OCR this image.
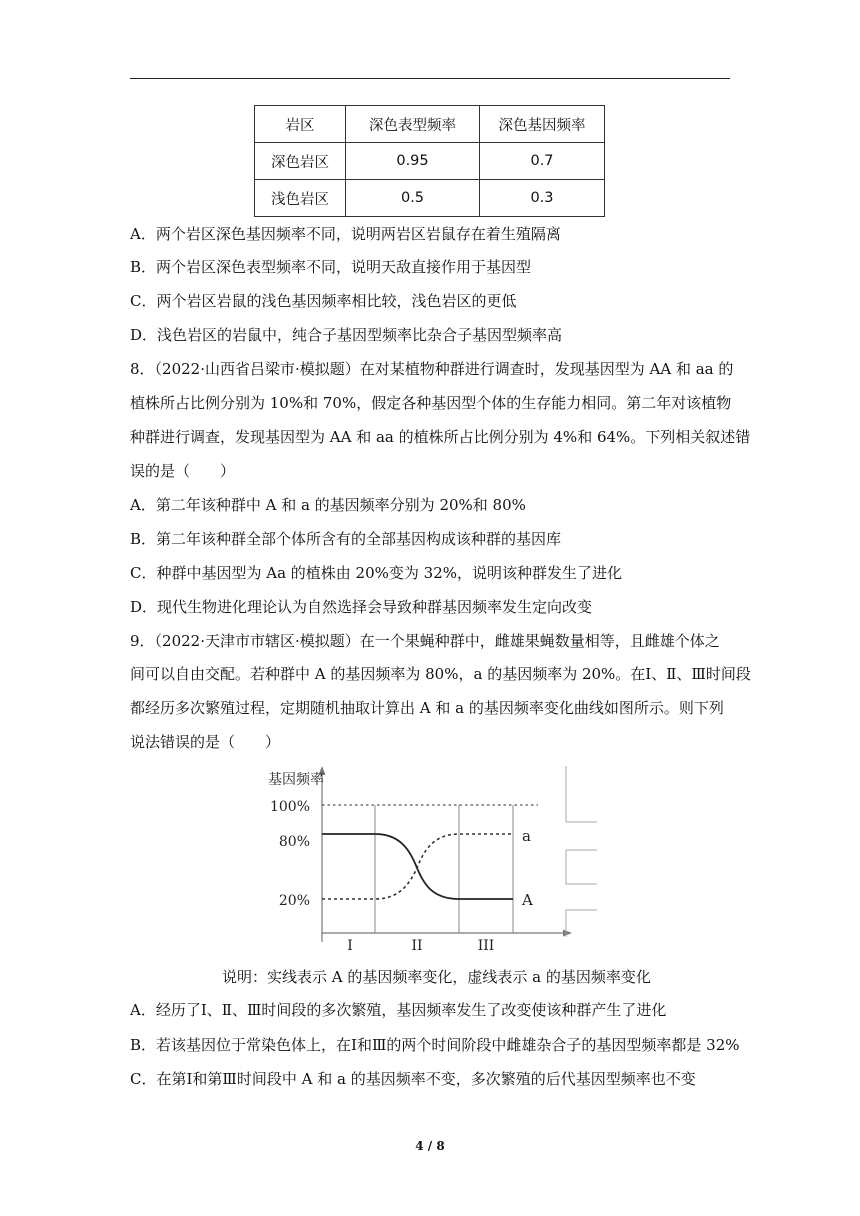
岩区	深色表型频率	深色基因频率
深色岩区	0.95	0.7
浅色岩区	0.5	0.3
A．两个岩区深色基因频率不同，说明两岩区岩鼠存在着生殖隔离
B．两个岩区深色表型频率不同，说明天敌直接作用于基因型
C．两个岩区岩鼠的浅色基因频率相比较，浅色岩区的更低
D．浅色岩区的岩鼠中，纯合子基因型频率比杂合子基因型频率高
8．（2022·山西省吕梁市·模拟题）在对某植物种群进行调查时，发现基因型为 AA 和 aa 的
植株所占比例分别为 10%和 70%，假定各种基因型个体的生存能力相同。第二年对该植物
种群进行调查，发现基因型为 AA 和 aa 的植株所占比例分别为 4%和 64%。下列相关叙述错
误的是（　　）
A．第二年该种群中 A 和 a 的基因频率分别为 20%和 80%
B．第二年该种群全部个体所含有的全部基因构成该种群的基因库
C．种群中基因型为 Aa 的植株由 20%变为 32%，说明该种群发生了进化
D．现代生物进化理论认为自然选择会导致种群基因频率发生定向改变
9．（2022·天津市市辖区·模拟题）在一个果蝇种群中，雌雄果蝇数量相等，且雌雄个体之
间可以自由交配。若种群中 A 的基因频率为 80%，a 的基因频率为 20%。在Ⅰ、Ⅱ、Ⅲ时间段
都经历多次繁殖过程，定期随机抽取计算出 A 和 a 的基因频率变化曲线如图所示。则下列
说法错误的是（　　）
基因频率
100%
80%
20%
a
A
I	II	III
说明：实线表示 A 的基因频率变化，虚线表示 a 的基因频率变化
A．经历了Ⅰ、Ⅱ、Ⅲ时间段的多次繁殖，基因频率发生了改变使该种群产生了进化
B．若该基因位于常染色体上，在Ⅰ和Ⅲ的两个时间阶段中雌雄杂合子的基因型频率都是 32%
C．在第Ⅰ和第Ⅲ时间段中 A 和 a 的基因频率不变，多次繁殖的后代基因型频率也不变
4 / 8
